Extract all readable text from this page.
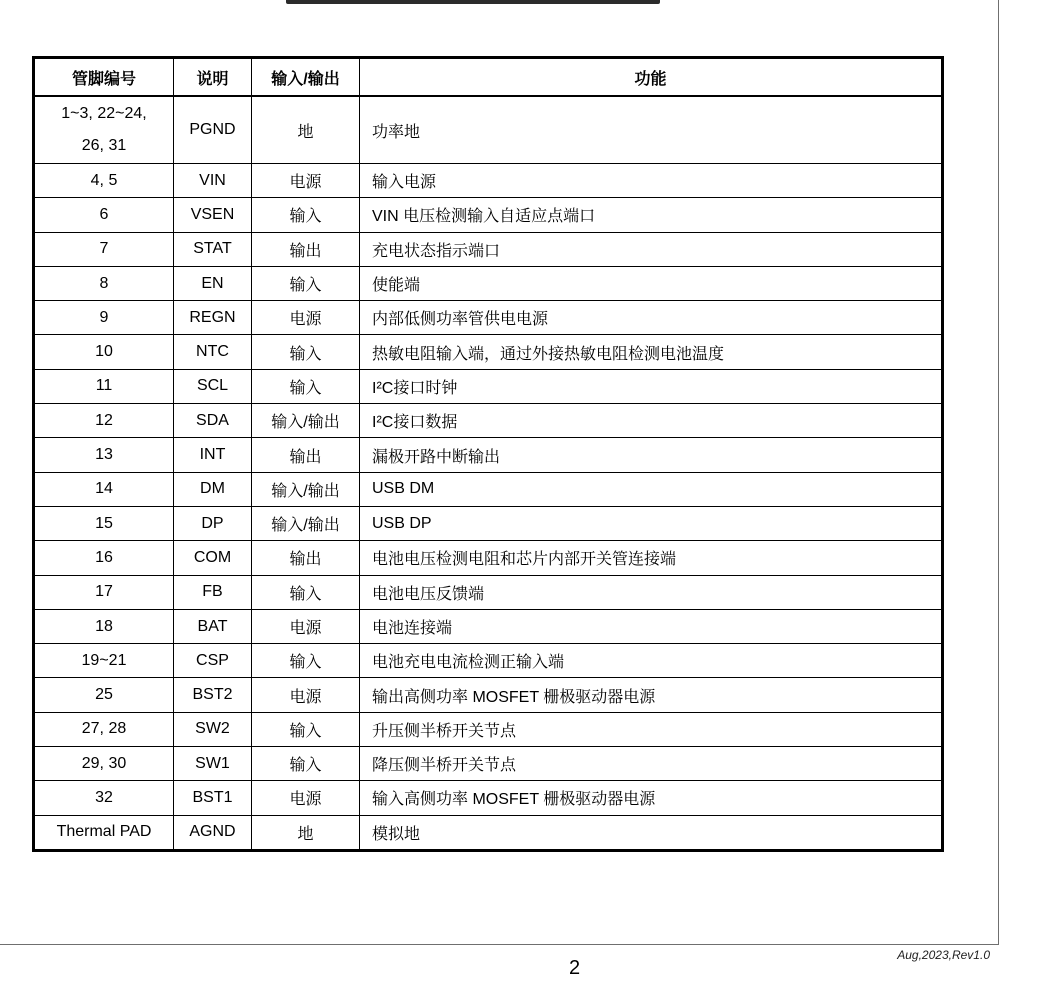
管脚编号	说明	输入/输出	功能
1~3, 22~24,
26, 31	PGND	地	功率地
4, 5	VIN	电源	输入电源
6	VSEN	输入	VIN 电压检测输入自适应点端口
7	STAT	输出	充电状态指示端口
8	EN	输入	使能端
9	REGN	电源	内部低侧功率管供电电源
10	NTC	输入	热敏电阻输入端，通过外接热敏电阻检测电池温度
11	SCL	输入	I²C接口时钟
12	SDA	输入/输出	I²C接口数据
13	INT	输出	漏极开路中断输出
14	DM	输入/输出	USB DM
15	DP	输入/输出	USB DP
16	COM	输出	电池电压检测电阻和芯片内部开关管连接端
17	FB	输入	电池电压反馈端
18	BAT	电源	电池连接端
19~21	CSP	输入	电池充电电流检测正输入端
25	BST2	电源	输出高侧功率 MOSFET 栅极驱动器电源
27, 28	SW2	输入	升压侧半桥开关节点
29, 30	SW1	输入	降压侧半桥开关节点
32	BST1	电源	输入高侧功率 MOSFET 栅极驱动器电源
Thermal PAD	AGND	地	模拟地
Aug,2023,Rev1.0
2
